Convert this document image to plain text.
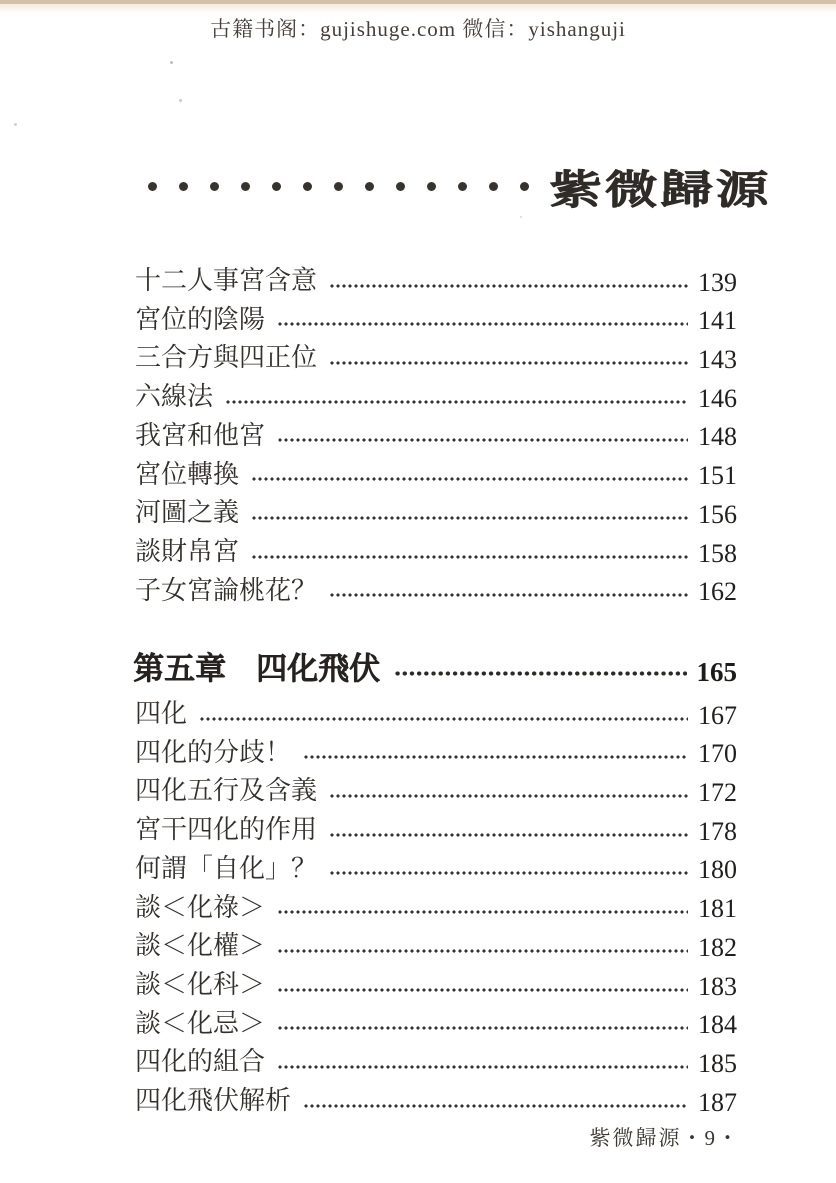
古籍书阁：gujishuge.com 微信：yishanguji
紫微歸源
十二人事宮含意	139
宮位的陰陽	141
三合方與四正位	143
六線法	146
我宮和他宮	148
宮位轉換	151
河圖之義	156
談財帛宮	158
子女宮論桃花？	162
第五章 四化飛伏	165
四化	167
四化的分歧！	170
四化五行及含義	172
宮干四化的作用	178
何謂「自化」？	180
談＜化祿＞	181
談＜化權＞	182
談＜化科＞	183
談＜化忌＞	184
四化的組合	185
四化飛伏解析	187
紫微歸源・9・
